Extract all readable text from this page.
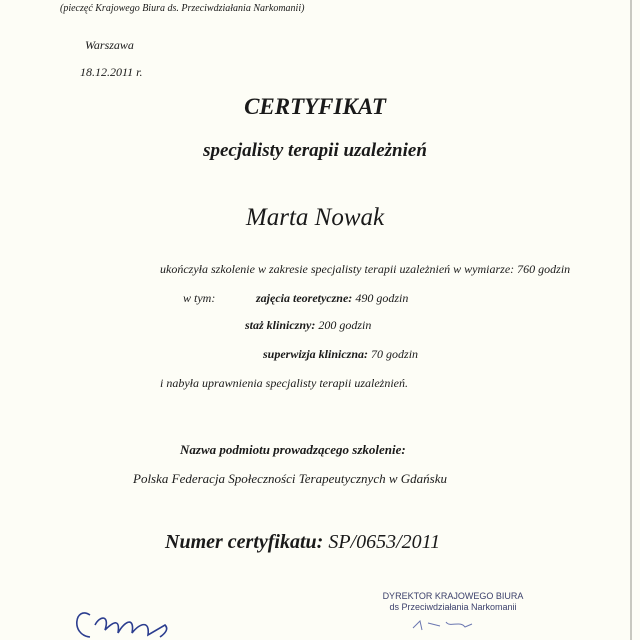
(pieczęć Krajowego Biura ds. Przeciwdziałania Narkomanii)
Warszawa
18.12.2011 r.
CERTYFIKAT
specjalisty terapii uzależnień
Marta Nowak
ukończyła szkolenie w zakresie specjalisty terapii uzależnień w wymiarze: 760 godzin
w tym:	zajęcia teoretyczne: 490 godzin
staż kliniczny: 200 godzin
superwizja kliniczna: 70 godzin
i nabyła uprawnienia specjalisty terapii uzależnień.
Nazwa podmiotu prowadzącego szkolenie:
Polska Federacja Społeczności Terapeutycznych w Gdańsku
Numer certyfikatu: SP/0653/2011
DYREKTOR KRAJOWEGO BIURA
ds Przeciwdziałania Narkomanii
